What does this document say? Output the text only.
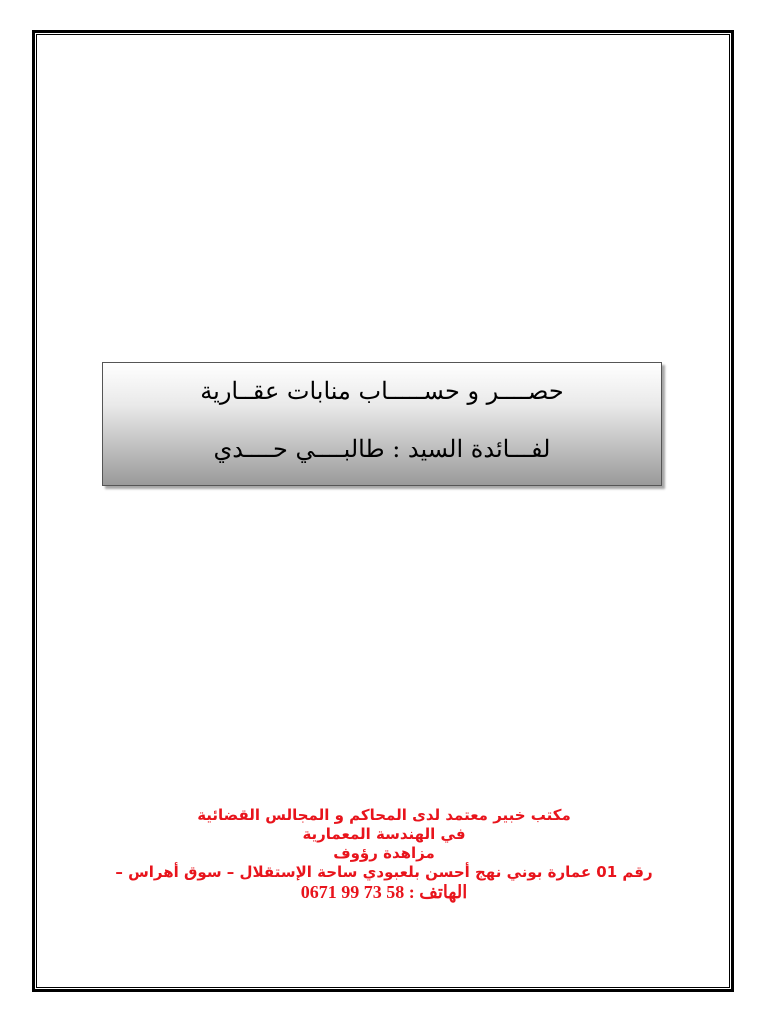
حصــــر و حســـــاب منابات عقــارية
لفـــائدة السيد : طالبــــي حــــدي
مكتب خبير معتمد لدى المحاكم و المجالس القضائية
في الهندسة المعمارية
مزاهدة رؤوف
رقم 01 عمارة بوني نهج أحسن بلعبودي ساحة الإستقلال – سوق أهراس –
الهاتف : 58 73 99 0671
